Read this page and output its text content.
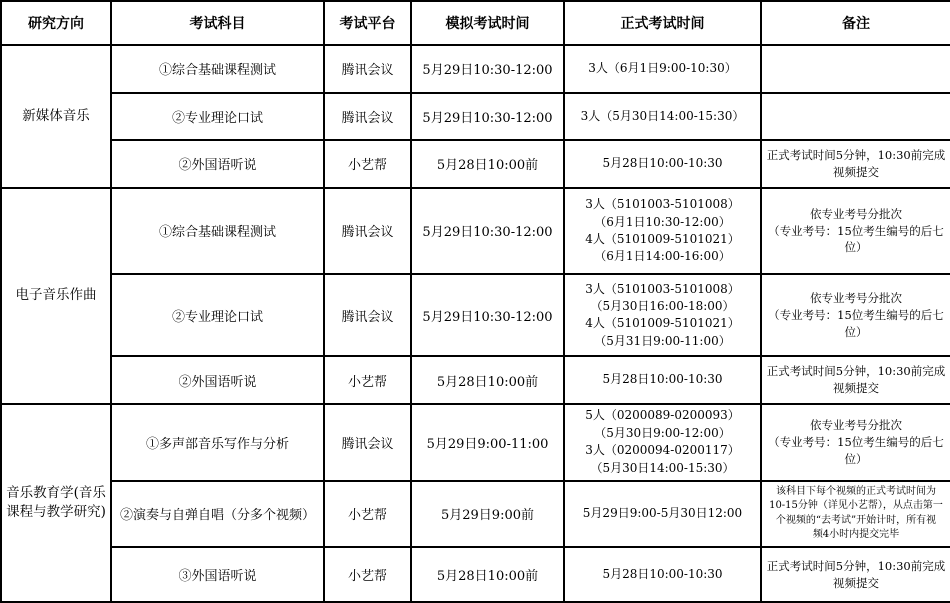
研究方向	考试科目	考试平台	模拟考试时间	正式考试时间	备注
新媒体音乐	①综合基础课程测试	腾讯会议	5月29日10:30-12:00	3人（6月1日9:00-10:30）	
	②专业理论口试	腾讯会议	5月29日10:30-12:00	3人（5月30日14:00-15:30）	
	②外国语听说	小艺帮	5月28日10:00前	5月28日10:00-10:30	正式考试时间5分钟，10:30前完成
视频提交
电子音乐作曲	①综合基础课程测试	腾讯会议	5月29日10:30-12:00	3人（5101003-5101008）
（6月1日10:30-12:00）
4人（5101009-5101021）
（6月1日14:00-16:00）	依专业考号分批次
（专业考号：15位考生编号的后七
位）
	②专业理论口试	腾讯会议	5月29日10:30-12:00	3人（5101003-5101008）
（5月30日16:00-18:00）
4人（5101009-5101021）
（5月31日9:00-11:00）	依专业考号分批次
（专业考号：15位考生编号的后七
位）
	②外国语听说	小艺帮	5月28日10:00前	5月28日10:00-10:30	正式考试时间5分钟，10:30前完成
视频提交
音乐教育学(音乐
课程与教学研究)	①多声部音乐写作与分析	腾讯会议	5月29日9:00-11:00	5人（0200089-0200093）
（5月30日9:00-12:00）
3人（0200094-0200117）
（5月30日14:00-15:30）	依专业考号分批次
（专业考号：15位考生编号的后七
位）
	②演奏与自弹自唱（分多个视频）	小艺帮	5月29日9:00前	5月29日9:00-5月30日12:00	该科目下每个视频的正式考试时间为
10-15分钟（详见小艺帮），从点击第一
个视频的“去考试”开始计时，所有视
频4小时内提交完毕
	③外国语听说	小艺帮	5月28日10:00前	5月28日10:00-10:30	正式考试时间5分钟，10:30前完成
视频提交
